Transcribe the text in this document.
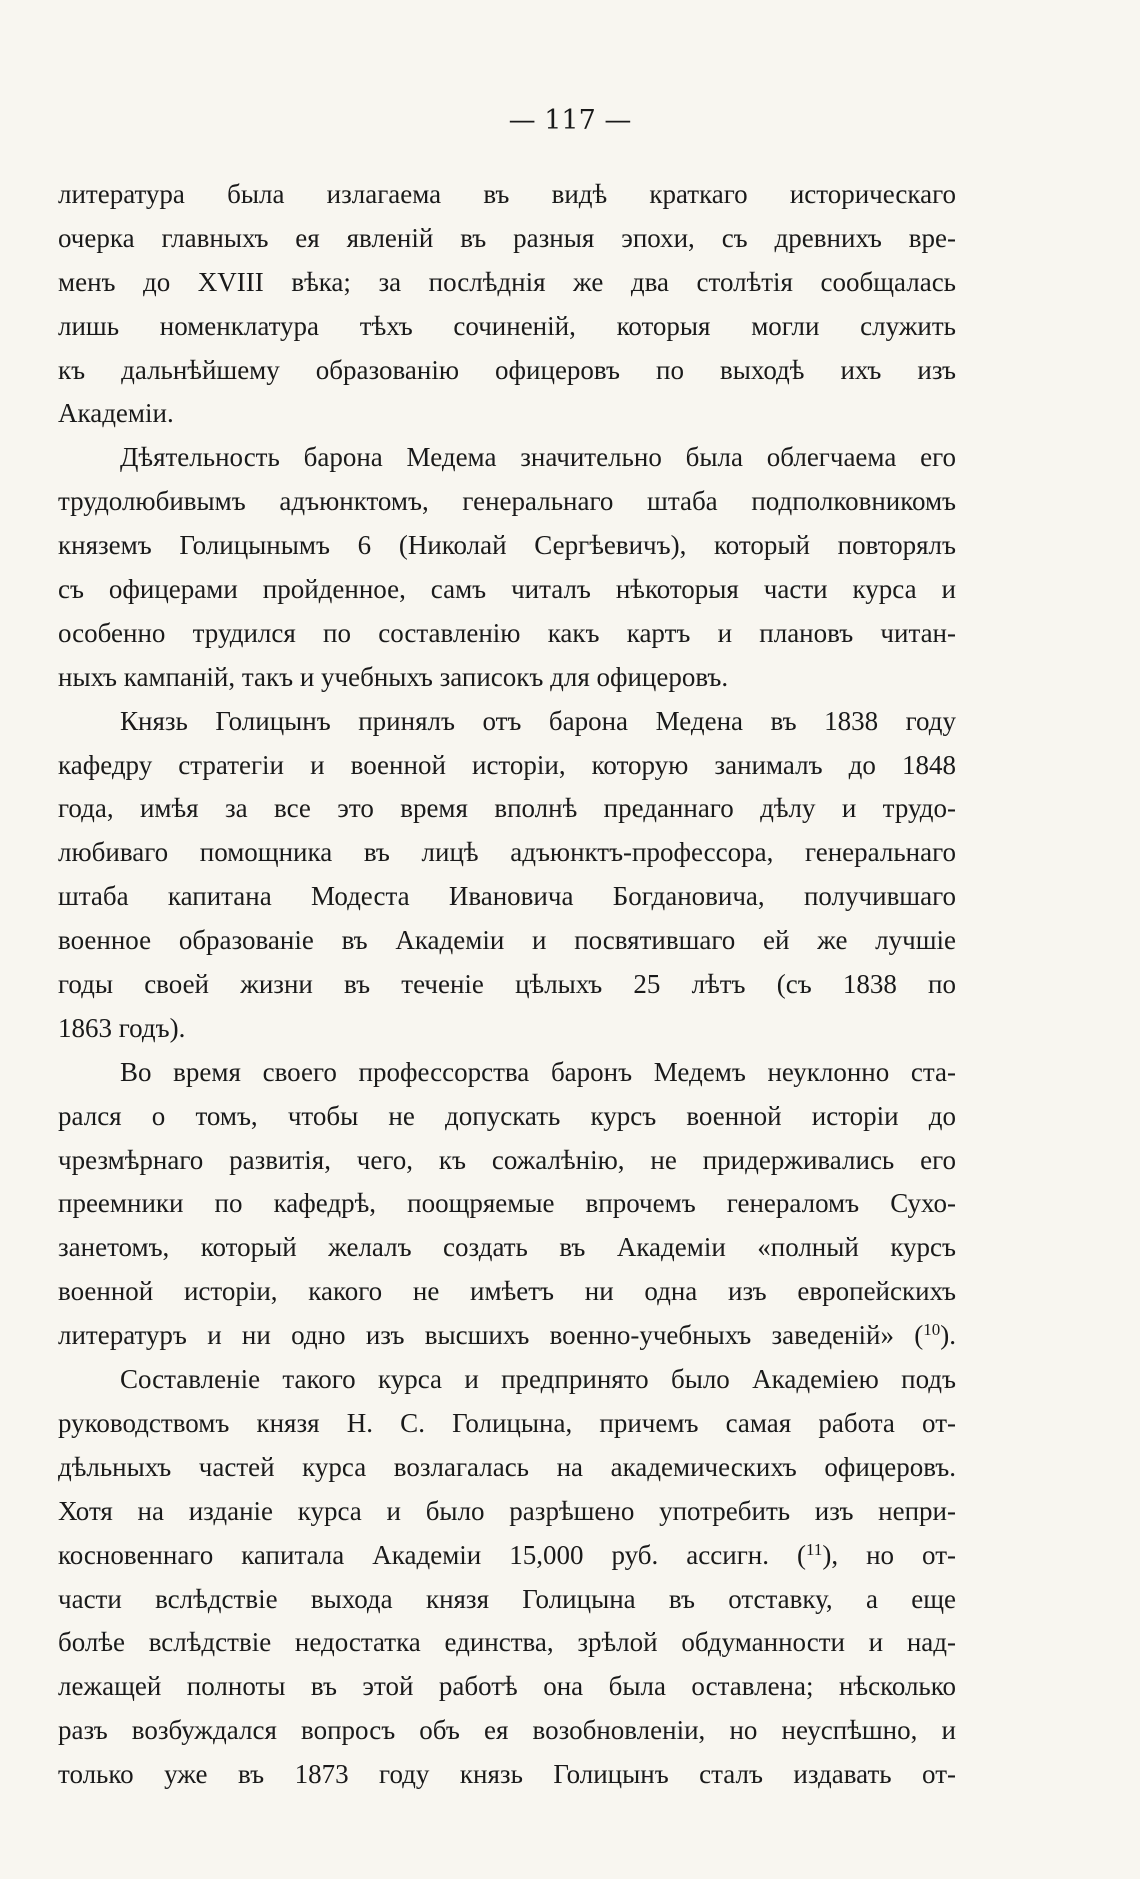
— 117 —
литература была излагаема въ видѣ краткаго историческаго
очерка главныхъ ея явленій въ разныя эпохи, съ древнихъ вре-
менъ до XVIII вѣка; за послѣднія же два столѣтія сообщалась
лишь номенклатура тѣхъ сочиненій, которыя могли служить
къ дальнѣйшему образованію офицеровъ по выходѣ ихъ изъ
Академіи.
Дѣятельность барона Медема значительно была облегчаема его
трудолюбивымъ адъюнктомъ, генеральнаго штаба подполковникомъ
княземъ Голицынымъ 6 (Николай Сергѣевичъ), который повторялъ
съ офицерами пройденное, самъ читалъ нѣкоторыя части курса и
особенно трудился по составленію какъ картъ и плановъ читан-
ныхъ кампаній, такъ и учебныхъ записокъ для офицеровъ.
Князь Голицынъ принялъ отъ барона Медена въ 1838 году
кафедру стратегіи и военной исторіи, которую занималъ до 1848
года, имѣя за все это время вполнѣ преданнаго дѣлу и трудо-
любиваго помощника въ лицѣ адъюнктъ-профессора, генеральнаго
штаба капитана Модеста Ивановича Богдановича, получившаго
военное образованіе въ Академіи и посвятившаго ей же лучшіе
годы своей жизни въ теченіе цѣлыхъ 25 лѣтъ (съ 1838 по
1863 годъ).
Во время своего профессорства баронъ Медемъ неуклонно ста-
рался о томъ, чтобы не допускать курсъ военной исторіи до
чрезмѣрнаго развитія, чего, къ сожалѣнію, не придерживались его
преемники по кафедрѣ, поощряемые впрочемъ генераломъ Сухо-
занетомъ, который желалъ создать въ Академіи «полный курсъ
военной исторіи, какого не имѣетъ ни одна изъ европейскихъ
литературъ и ни одно изъ высшихъ военно-учебныхъ заведеній» ($^{10}$).
Составленіе такого курса и предпринято было Академіею подъ
руководствомъ князя Н. С. Голицына, причемъ самая работа от-
дѣльныхъ частей курса возлагалась на академическихъ офицеровъ.
Хотя на изданіе курса и было разрѣшено употребить изъ непри-
косновеннаго капитала Академіи 15,000 руб. ассигн. ($^{11}$), но от-
части вслѣдствіе выхода князя Голицына въ отставку, а еще
болѣе вслѣдствіе недостатка единства, зрѣлой обдуманности и над-
лежащей полноты въ этой работѣ она была оставлена; нѣсколько
разъ возбуждался вопросъ объ ея возобновленіи, но неуспѣшно, и
только уже въ 1873 году князь Голицынъ сталъ издавать от-
